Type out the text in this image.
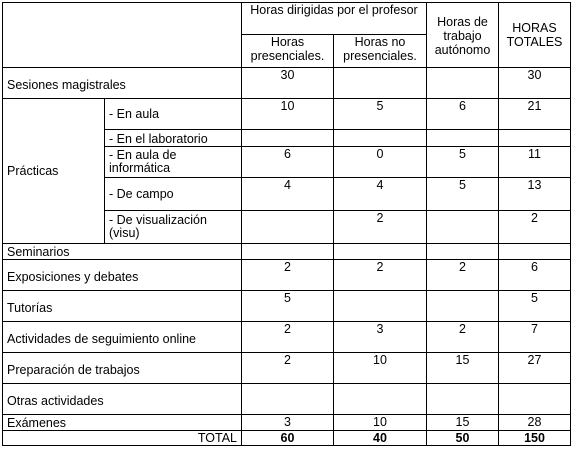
		Horas dirigidas por el profesor		Horas de trabajo autónomo	HORAS TOTALES
		Horas presenciales.	Horas no presenciales.		
Sesiones magistrales		30			30
Prácticas	- En aula	10	5	6	21
	- En el laboratorio				
	- En aula de informática	6	0	5	11
	- De campo	4	4	5	13
	- De visualización (visu)		2		2
Seminarios					
Exposiciones y debates		2	2	2	6
Tutorías		5			5
Actividades de seguimiento online		2	3	2	7
Preparación de trabajos		2	10	15	27
Otras actividades					
Exámenes		3	10	15	28
TOTAL		60	40	50	150
